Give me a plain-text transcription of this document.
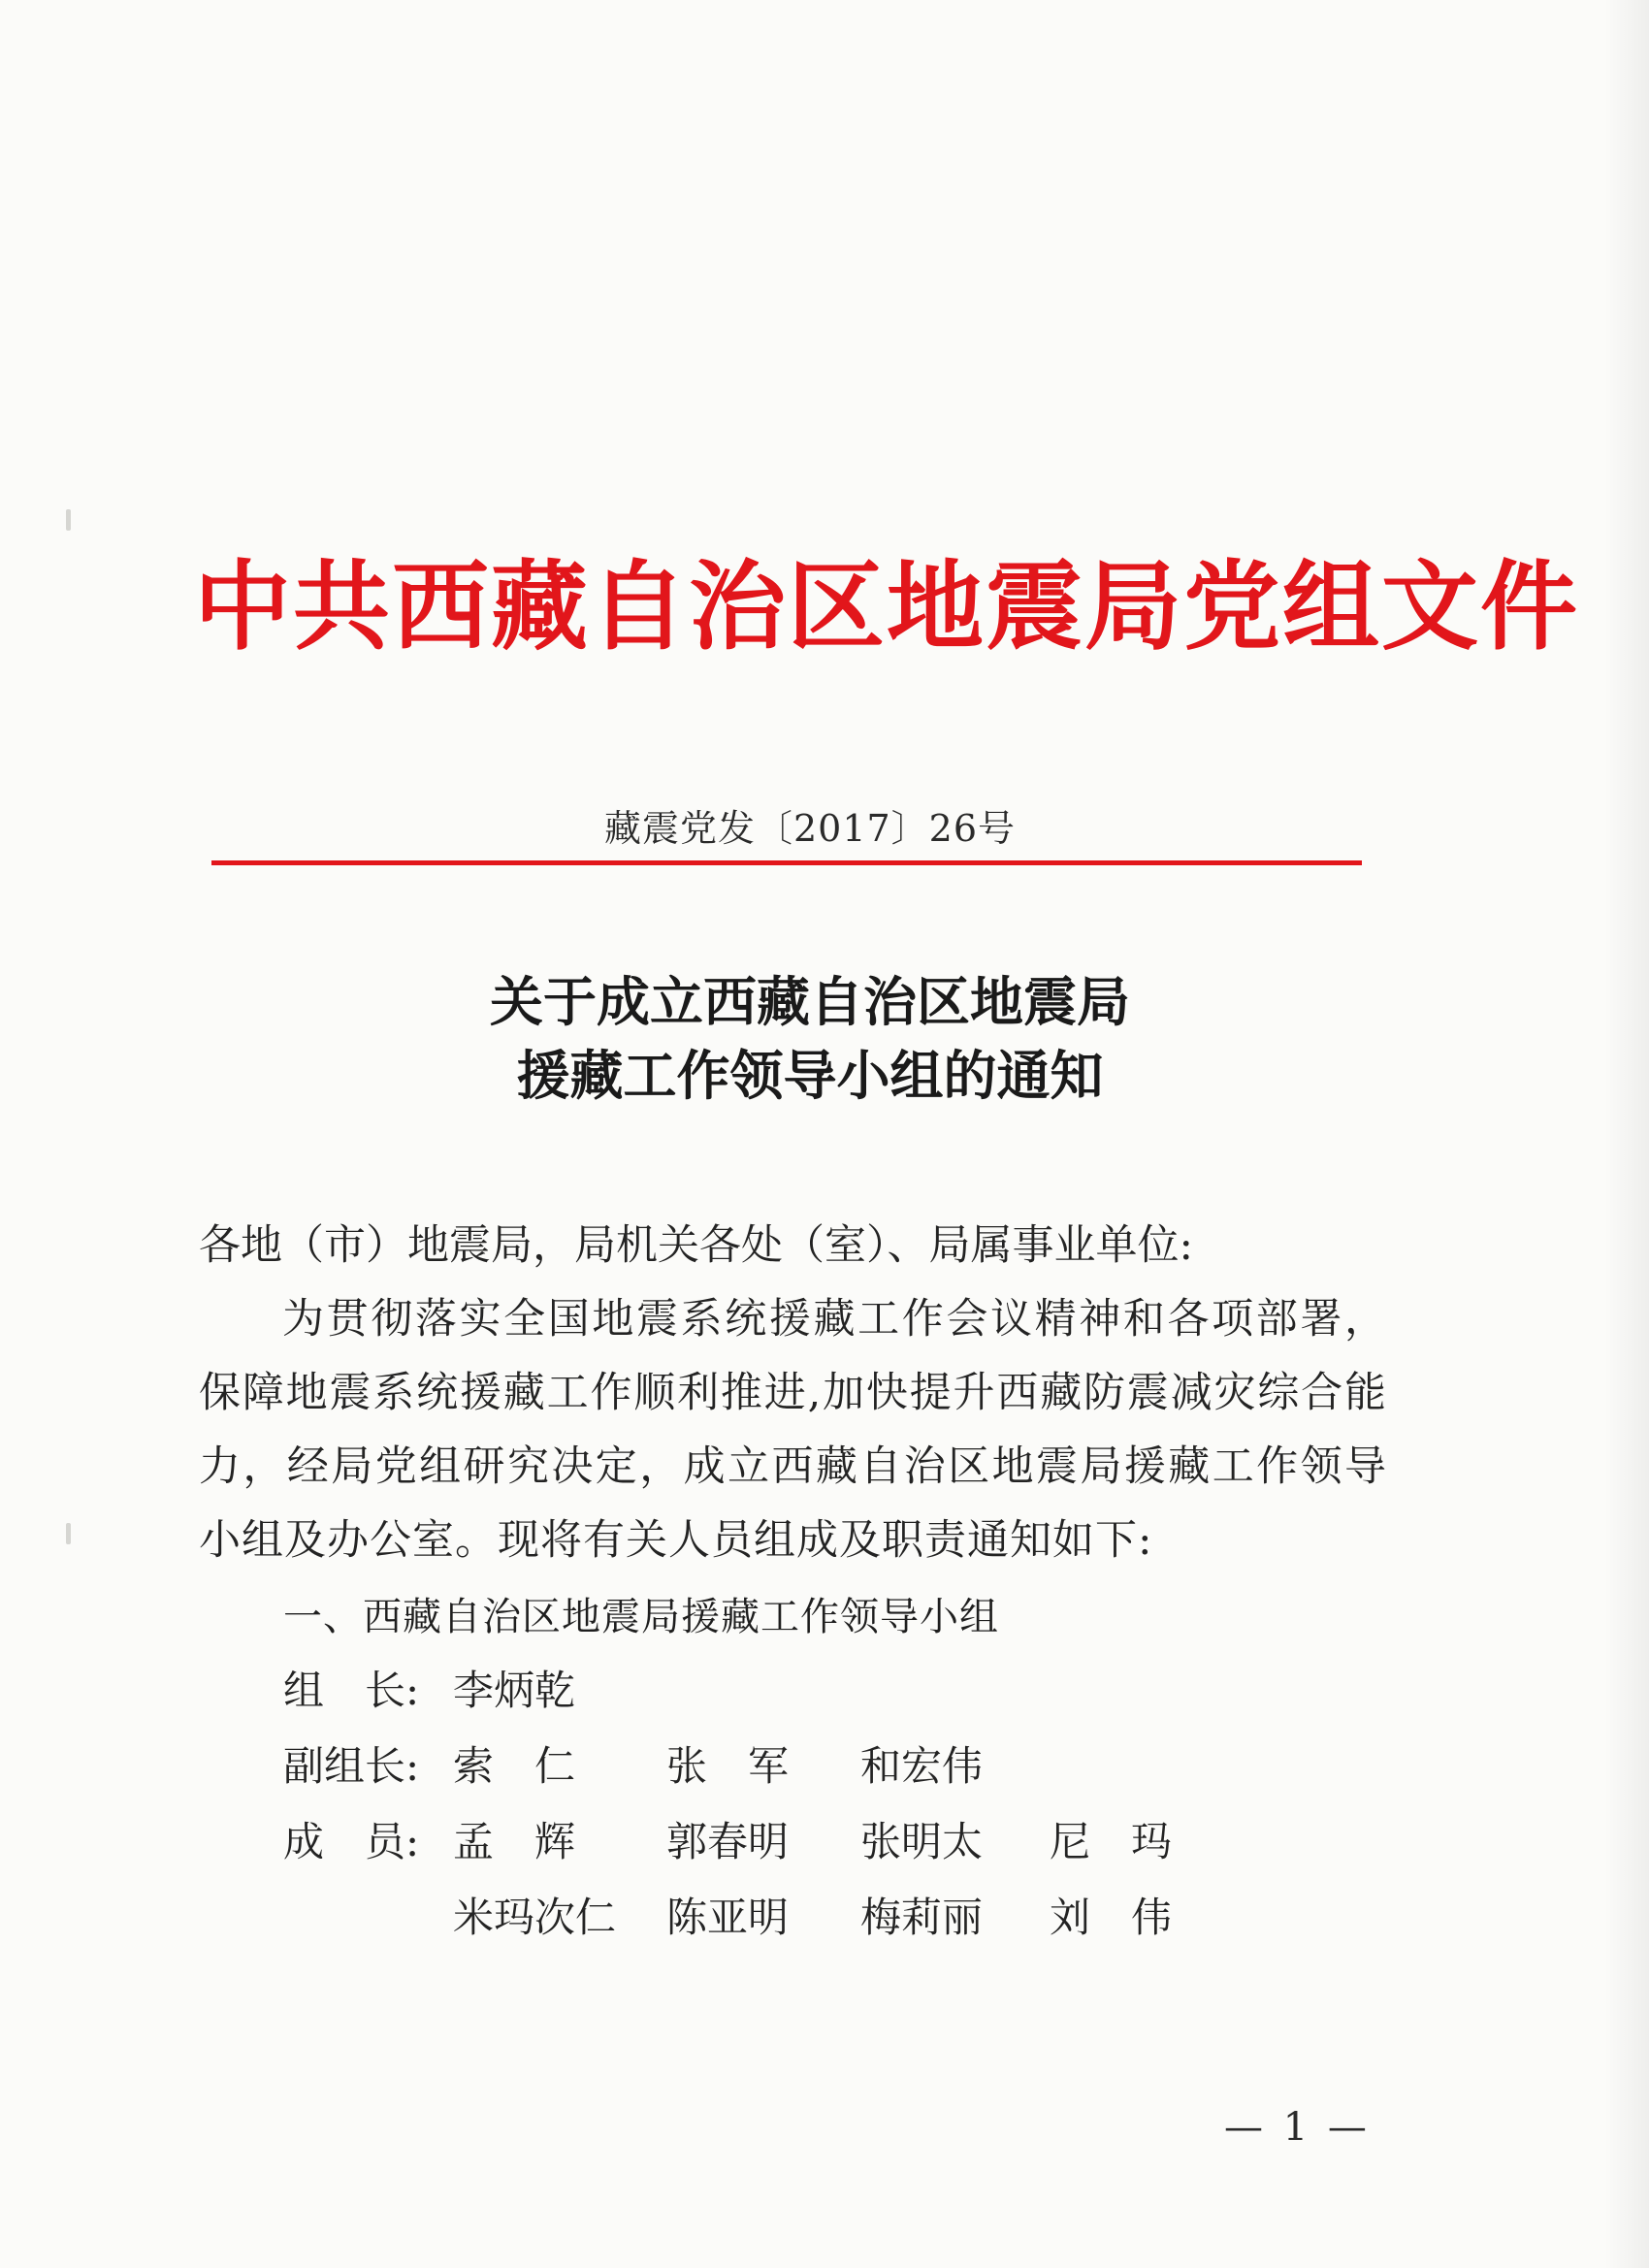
中共西藏自治区地震局党组文件
藏震党发〔2017〕26号
关于成立西藏自治区地震局
援藏工作领导小组的通知

各地（市）地震局，局机关各处（室）、局属事业单位:

为贯彻落实全国地震系统援藏工作会议精神和各项部署，保障地震系统援藏工作顺利推进,加快提升西藏防震减灾综合能力，经局党组研究决定，成立西藏自治区地震局援藏工作领导小组及办公室。现将有关人员组成及职责通知如下:

一、西藏自治区地震局援藏工作领导小组
组　长: 李炳乾
副组长: 索　仁 张　军 和宏伟
成　员: 孟　辉 郭春明 张明太 尼　玛
米玛次仁 陈亚明 梅莉丽 刘　伟
— 1 —
